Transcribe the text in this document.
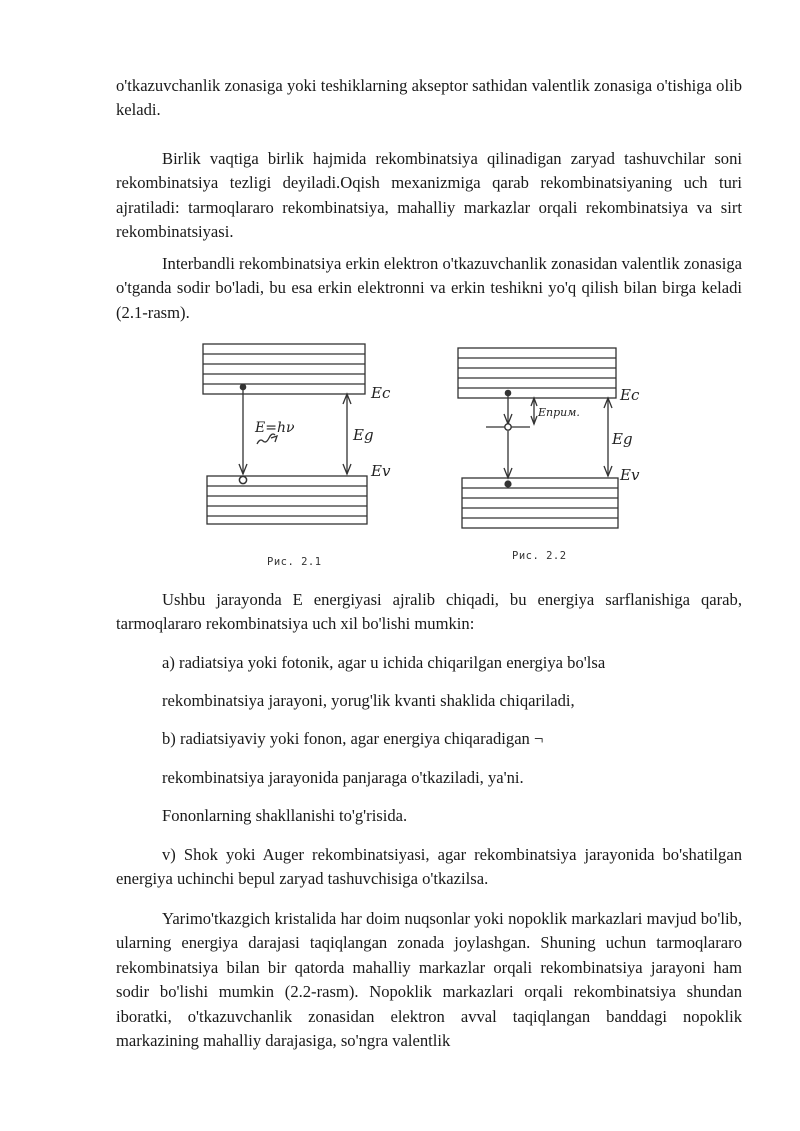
o'tkazuvchanlik zonasiga yoki teshiklarning akseptor sathidan valentlik zonasiga o'tishiga olib keladi.

Birlik vaqtiga birlik hajmida rekombinatsiya qilinadigan zaryad tashuvchilar soni rekombinatsiya tezligi deyiladi.Oqish mexanizmiga qarab rekombinatsiyaning uch turi ajratiladi: tarmoqlararo rekombinatsiya, mahalliy markazlar orqali rekombinatsiya va sirt rekombinatsiyasi.

Interbandli rekombinatsiya erkin elektron o'tkazuvchanlik zonasidan valentlik zonasiga o'tganda sodir bo'ladi, bu esa erkin elektronni va erkin teshikni yo'q qilish bilan birga keladi (2.1-rasm).

Ec
Eg
Ev
E=hν
Рис. 2.1
Ec
Eg
Ev
Eприм.
Рис. 2.2

Ushbu jarayonda E energiyasi ajralib chiqadi, bu energiya sarflanishiga qarab, tarmoqlararo rekombinatsiya uch xil bo'lishi mumkin:

a) radiatsiya yoki fotonik, agar u ichida chiqarilgan energiya bo'lsa

rekombinatsiya jarayoni, yorug'lik kvanti shaklida chiqariladi,

b) radiatsiyaviy yoki fonon, agar energiya chiqaradigan ¬

rekombinatsiya jarayonida panjaraga o'tkaziladi, ya'ni.

Fononlarning shakllanishi to'g'risida.

v) Shok yoki Auger rekombinatsiyasi, agar rekombinatsiya jarayonida bo'shatilgan energiya uchinchi bepul zaryad tashuvchisiga o'tkazilsa.

Yarimo'tkazgich kristalida har doim nuqsonlar yoki nopoklik markazlari mavjud bo'lib, ularning energiya darajasi taqiqlangan zonada joylashgan. Shuning uchun tarmoqlararo rekombinatsiya bilan bir qatorda mahalliy markazlar orqali rekombinatsiya jarayoni ham sodir bo'lishi mumkin (2.2-rasm). Nopoklik markazlari orqali rekombinatsiya shundan iboratki, o'tkazuvchanlik zonasidan elektron avval taqiqlangan banddagi nopoklik markazining mahalliy darajasiga, so'ngra valentlik
